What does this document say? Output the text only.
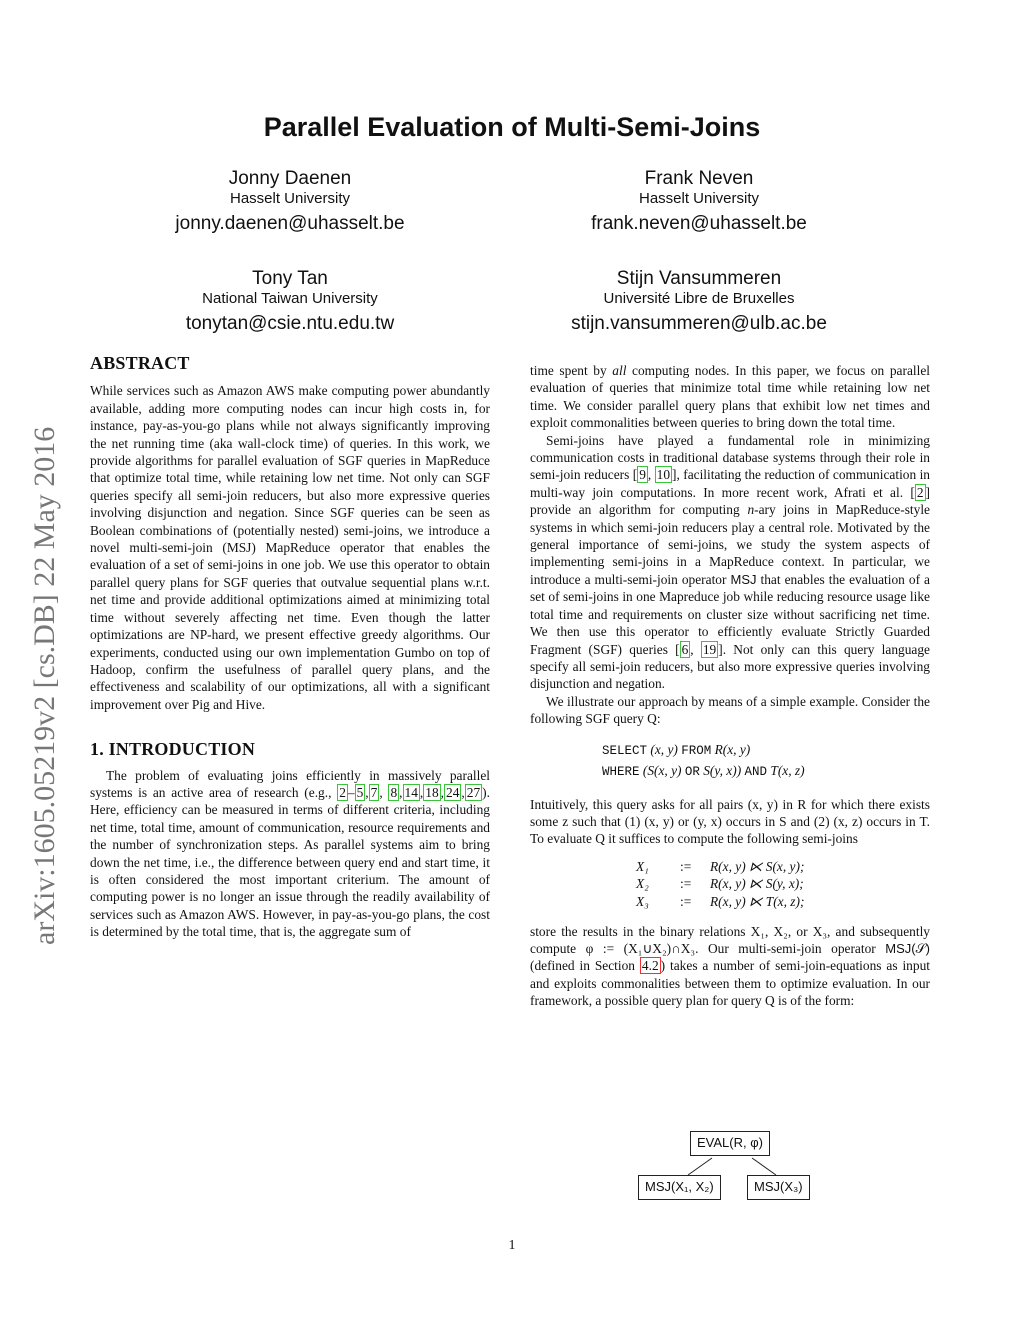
Parallel Evaluation of Multi-Semi-Joins
Jonny Daenen
Hasselt University
jonny.daenen@uhasselt.be
Frank Neven
Hasselt University
frank.neven@uhasselt.be
Tony Tan
National Taiwan University
tonytan@csie.ntu.edu.tw
Stijn Vansummeren
Université Libre de Bruxelles
stijn.vansummeren@ulb.ac.be
arXiv:1605.05219v2 [cs.DB] 22 May 2016
ABSTRACT

While services such as Amazon AWS make computing power abundantly available, adding more computing nodes can incur high costs in, for instance, pay-as-you-go plans while not always significantly improving the net running time (aka wall-clock time) of queries. In this work, we provide algorithms for parallel evaluation of SGF queries in MapReduce that optimize total time, while retaining low net time. Not only can SGF queries specify all semi-join reducers, but also more expressive queries involving disjunction and negation. Since SGF queries can be seen as Boolean combinations of (potentially nested) semi-joins, we introduce a novel multi-semi-join (MSJ) MapReduce operator that enables the evaluation of a set of semi-joins in one job. We use this operator to obtain parallel query plans for SGF queries that outvalue sequential plans w.r.t. net time and provide additional optimizations aimed at minimizing total time without severely affecting net time. Even though the latter optimizations are NP-hard, we present effective greedy algorithms. Our experiments, conducted using our own implementation Gumbo on top of Hadoop, confirm the usefulness of parallel query plans, and the effectiveness and scalability of our optimizations, all with a significant improvement over Pig and Hive.

1. INTRODUCTION

The problem of evaluating joins efficiently in massively parallel systems is an active area of research (e.g., 2 – 5 , 7 , 8 , 14 , 18 , 24 , 27 ). Here, efficiency can be measured in terms of different criteria, including net time, total time, amount of communication, resource requirements and the number of synchronization steps. As parallel systems aim to bring down the net time, i.e., the difference between query end and start time, it is often considered the most important criterium. The amount of computing power is no longer an issue through the readily availability of services such as Amazon AWS. However, in pay-as-you-go plans, the cost is determined by the total time, that is, the aggregate sum of

time spent by all computing nodes. In this paper, we focus on parallel evaluation of queries that minimize total time while retaining low net time. We consider parallel query plans that exhibit low net times and exploit commonalities between queries to bring down the total time.

Semi-joins have played a fundamental role in minimizing communication costs in traditional database systems through their role in semi-join reducers [ 9 , 10 ], facilitating the reduction of communication in multi-way join computations. In more recent work, Afrati et al. [ 2 ] provide an algorithm for computing n-ary joins in MapReduce-style systems in which semi-join reducers play a central role. Motivated by the general importance of semi-joins, we study the system aspects of implementing semi-joins in a MapReduce context. In particular, we introduce a multi-semi-join operator MSJ that enables the evaluation of a set of semi-joins in one Mapreduce job while reducing resource usage like total time and requirements on cluster size without sacrificing net time. We then use this operator to efficiently evaluate Strictly Guarded Fragment (SGF) queries [ 6 , 19 ]. Not only can this query language specify all semi-join reducers, but also more expressive queries involving disjunction and negation.

We illustrate our approach by means of a simple example. Consider the following SGF query Q:

SELECT (x, y) FROM R(x, y)
WHERE (S(x, y) OR S(y, x)) AND T(x, z)

Intuitively, this query asks for all pairs (x, y) in R for which there exists some z such that (1) (x, y) or (y, x) occurs in S and (2) (x, z) occurs in T. To evaluate Q it suffices to compute the following semi-joins

X₁	:=	R(x, y) ⋉ S(x, y);
X₂	:=	R(x, y) ⋉ S(y, x);
X₃	:=	R(x, y) ⋉ T(x, z);

store the results in the binary relations X₁, X₂, or X₃, and subsequently compute φ := (X₁∪X₂)∩X₃. Our multi-semi-join operator MSJ(𝒮) (defined in Section 4.2 ) takes a number of semi-join-equations as input and exploits commonalities between them to optimize evaluation. In our framework, a possible query plan for query Q is of the form:

EVAL(R, φ)
MSJ(X₁, X₂)	MSJ(X₃)
1
